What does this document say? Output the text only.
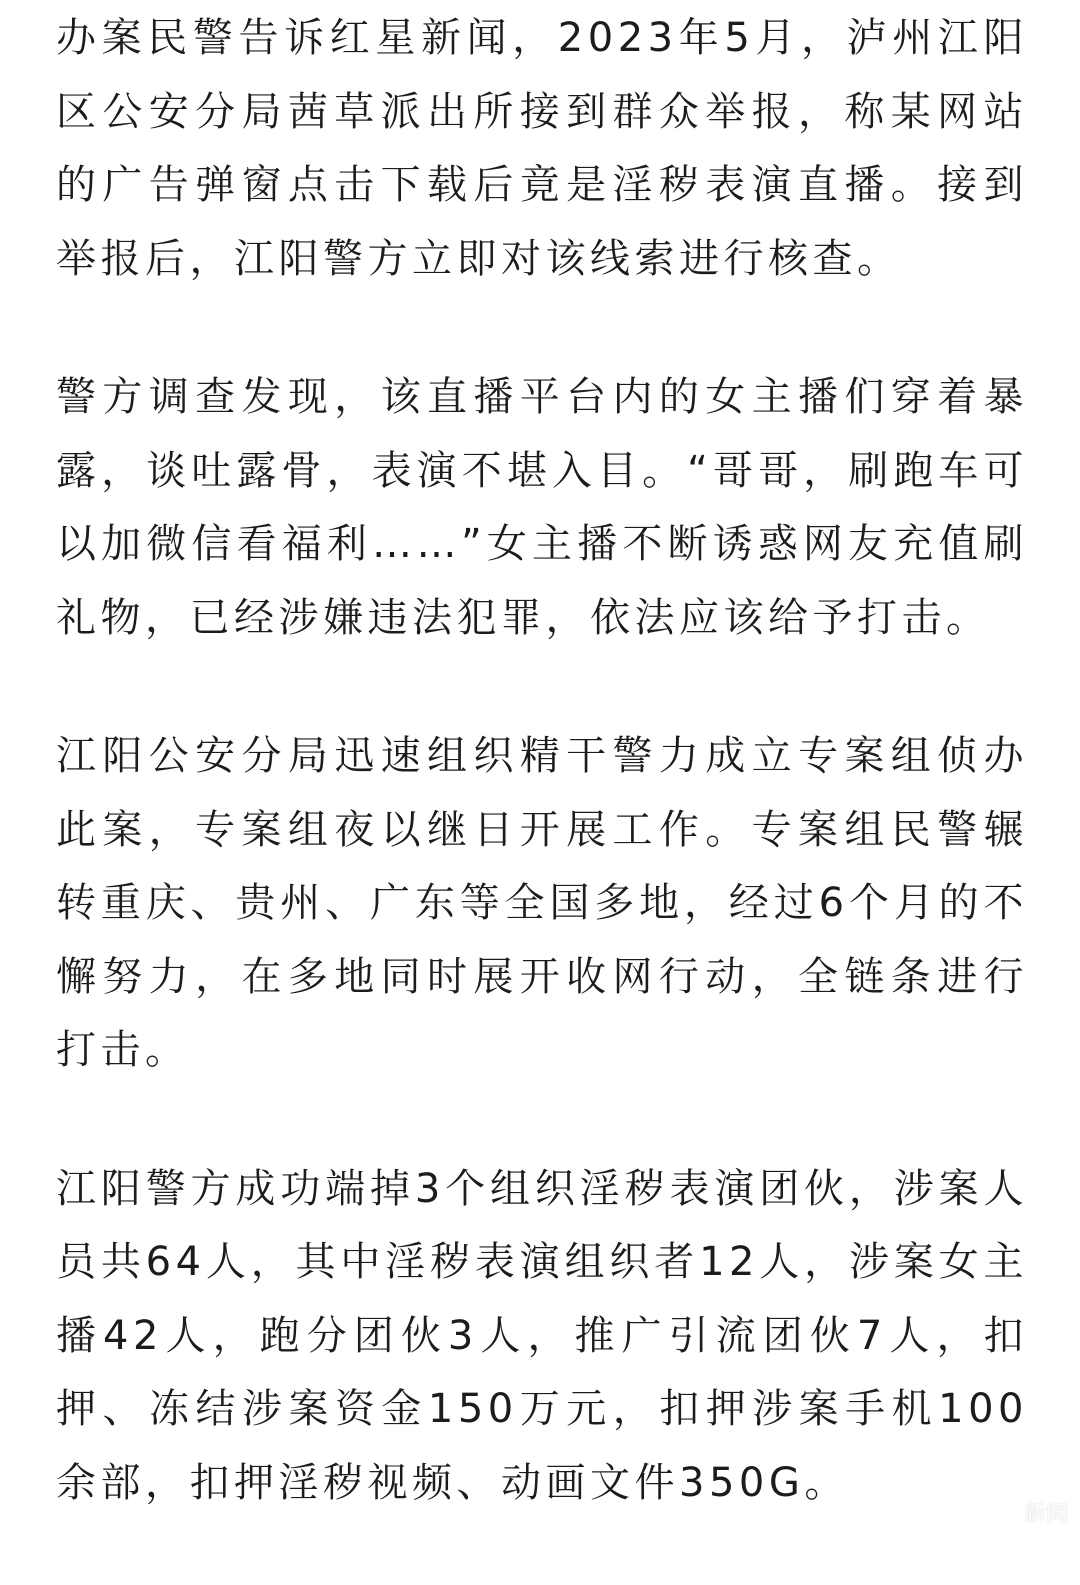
办案民警告诉红星新闻，2023年5月，泸州江阳区公安分局茜草派出所接到群众举报，称某网站的广告弹窗点击下载后竟是淫秽表演直播。接到举报后，江阳警方立即对该线索进行核查。

警方调查发现，该直播平台内的女主播们穿着暴露，谈吐露骨，表演不堪入目。“哥哥，刷跑车可以加微信看福利……”女主播不断诱惑网友充值刷礼物，已经涉嫌违法犯罪，依法应该给予打击。

江阳公安分局迅速组织精干警力成立专案组侦办此案，专案组夜以继日开展工作。专案组民警辗转重庆、贵州、广东等全国多地，经过6个月的不懈努力，在多地同时展开收网行动，全链条进行打击。

江阳警方成功端掉3个组织淫秽表演团伙，涉案人员共64人，其中淫秽表演组织者12人，涉案女主播42人，跑分团伙3人，推广引流团伙7人，扣押、冻结涉案资金150万元，扣押涉案手机100余部，扣押淫秽视频、动画文件350G。

新闻
